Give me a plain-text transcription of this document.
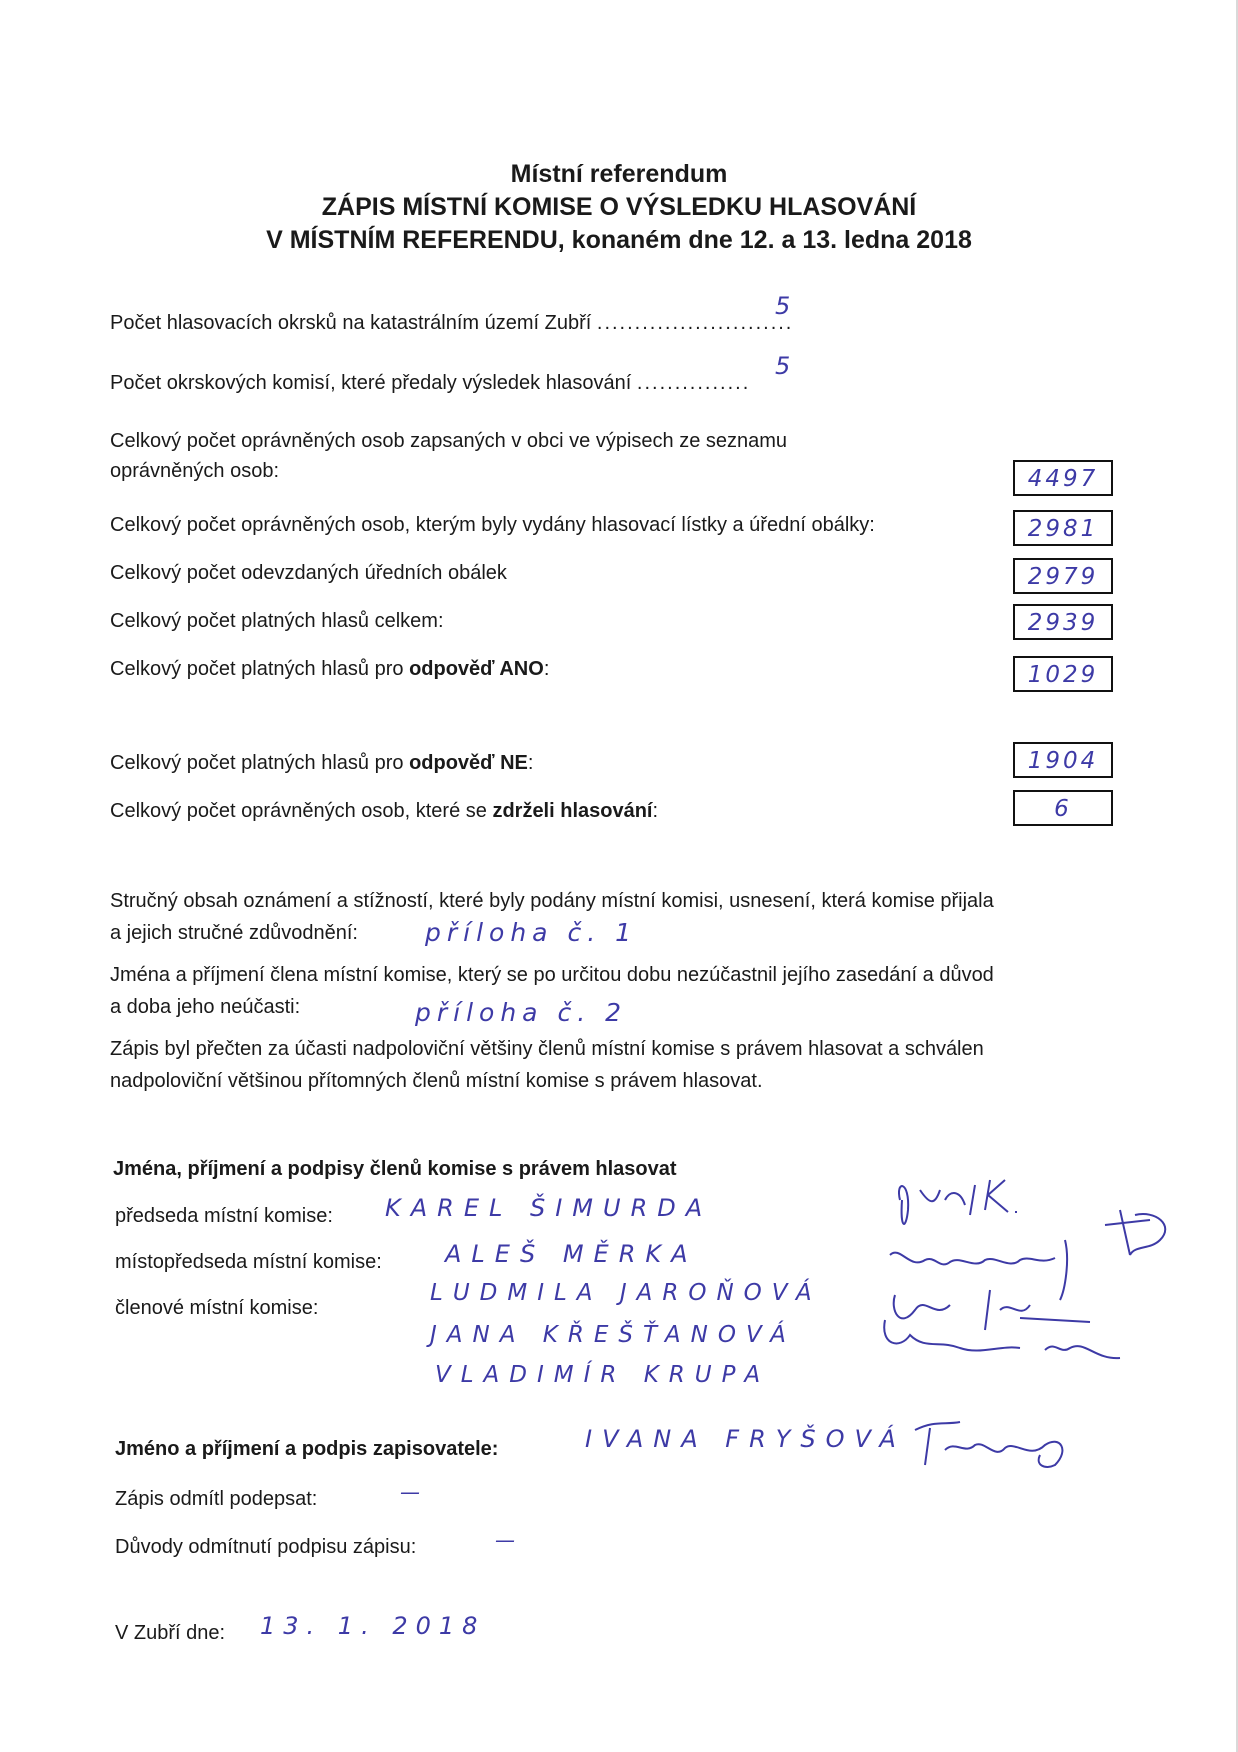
Místní referendum
ZÁPIS MÍSTNÍ KOMISE O VÝSLEDKU HLASOVÁNÍ
V MÍSTNÍM REFERENDU, konaném dne 12. a 13. ledna 2018
Počet hlasovacích okrsků na katastrálním území Zubří ..........................
5
Počet okrskových komisí, které předaly výsledek hlasování ...............
5
Celkový počet oprávněných osob zapsaných v obci ve výpisech ze seznamu
oprávněných osob:	4497
Celkový počet oprávněných osob, kterým byly vydány hlasovací lístky a úřední obálky:	2981
Celkový počet odevzdaných úředních obálek	2979
Celkový počet platných hlasů celkem:	2939
Celkový počet platných hlasů pro odpověď ANO:	1029
Celkový počet platných hlasů pro odpověď NE:	1904
Celkový počet oprávněných osob, které se zdrželi hlasování:	6
Stručný obsah oznámení a stížností, které byly podány místní komisi, usnesení, která komise přijala
a jejich stručné zdůvodnění:	příloha č. 1
Jména a příjmení člena místní komise, který se po určitou dobu nezúčastnil jejího zasedání a důvod
a doba jeho neúčasti:	příloha č. 2
Zápis byl přečten za účasti nadpoloviční většiny členů místní komise s právem hlasovat a schválen
nadpoloviční většinou přítomných členů místní komise s právem hlasovat.
Jména, příjmení a podpisy členů komise s právem hlasovat
předseda místní komise: KAREL ŠIMURDA
místopředseda místní komise:	ALEŠ MĚRKA
členové místní komise:
LUDMILA JAROŇOVÁ
JANA KŘEŠŤANOVÁ
VLADIMÍR KRUPA
Jméno a příjmení a podpis zapisovatele:	IVANA FRYŠOVÁ
Zápis odmítl podepsat:	—
Důvody odmítnutí podpisu zápisu:	—
V Zubří dne: 13. 1. 2018
